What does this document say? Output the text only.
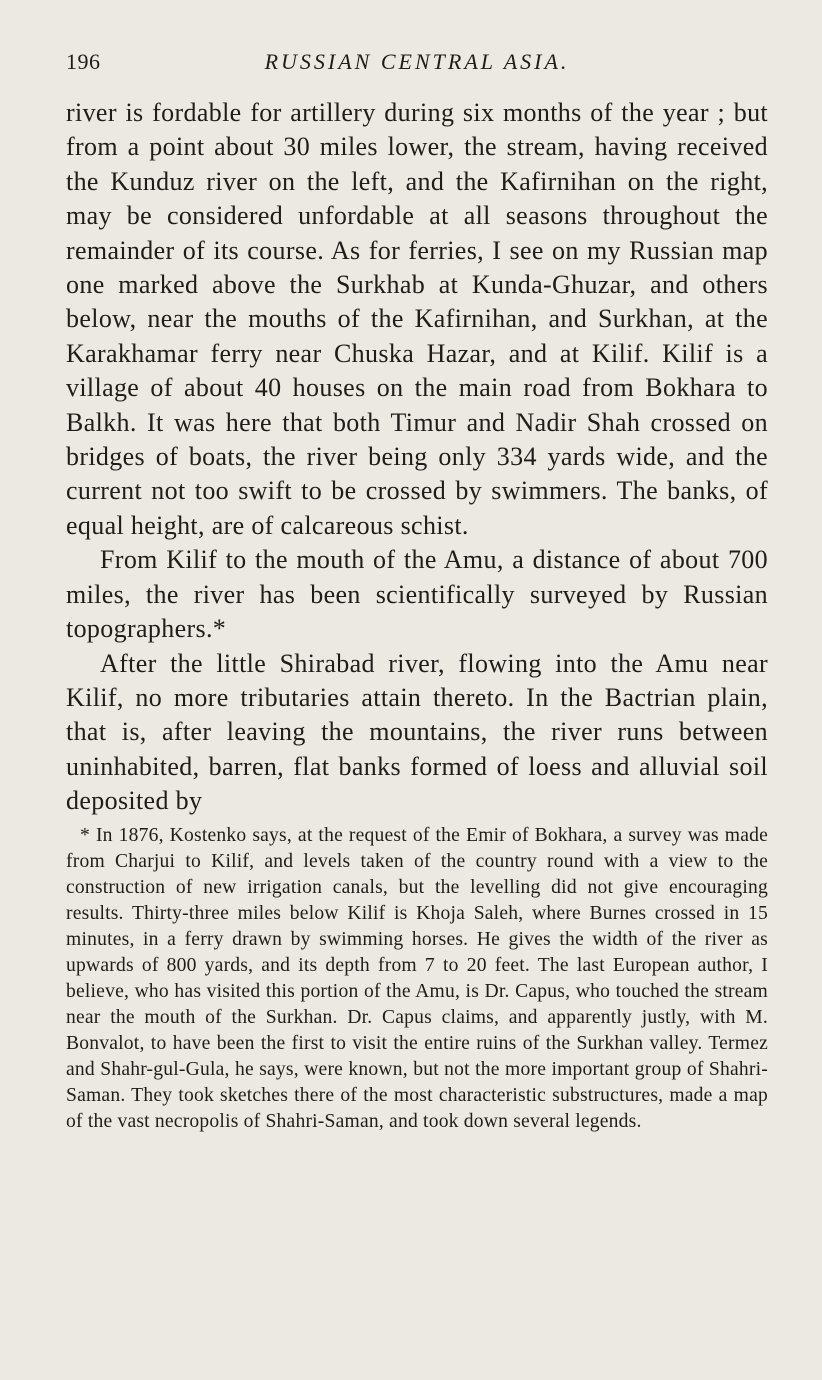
196	RUSSIAN CENTRAL ASIA.

river is fordable for artillery during six months of the year ; but from a point about 30 miles lower, the stream, having received the Kunduz river on the left, and the Kafirnihan on the right, may be considered unfordable at all seasons throughout the remainder of its course. As for ferries, I see on my Russian map one marked above the Surkhab at Kunda-Ghuzar, and others below, near the mouths of the Kafirnihan, and Surkhan, at the Karakhamar ferry near Chuska Hazar, and at Kilif. Kilif is a village of about 40 houses on the main road from Bokhara to Balkh. It was here that both Timur and Nadir Shah crossed on bridges of boats, the river being only 334 yards wide, and the current not too swift to be crossed by swimmers. The banks, of equal height, are of calcareous schist.

From Kilif to the mouth of the Amu, a distance of about 700 miles, the river has been scientifically surveyed by Russian topographers.*

After the little Shirabad river, flowing into the Amu near Kilif, no more tributaries attain thereto. In the Bactrian plain, that is, after leaving the mountains, the river runs between uninhabited, barren, flat banks formed of loess and alluvial soil deposited by

* In 1876, Kostenko says, at the request of the Emir of Bokhara, a survey was made from Charjui to Kilif, and levels taken of the country round with a view to the construction of new irrigation canals, but the levelling did not give encouraging results. Thirty-three miles below Kilif is Khoja Saleh, where Burnes crossed in 15 minutes, in a ferry drawn by swimming horses. He gives the width of the river as upwards of 800 yards, and its depth from 7 to 20 feet. The last European author, I believe, who has visited this portion of the Amu, is Dr. Capus, who touched the stream near the mouth of the Surkhan. Dr. Capus claims, and apparently justly, with M. Bonvalot, to have been the first to visit the entire ruins of the Surkhan valley. Termez and Shahr-gul-Gula, he says, were known, but not the more important group of Shahri-Saman. They took sketches there of the most characteristic substructures, made a map of the vast necropolis of Shahri-Saman, and took down several legends.
